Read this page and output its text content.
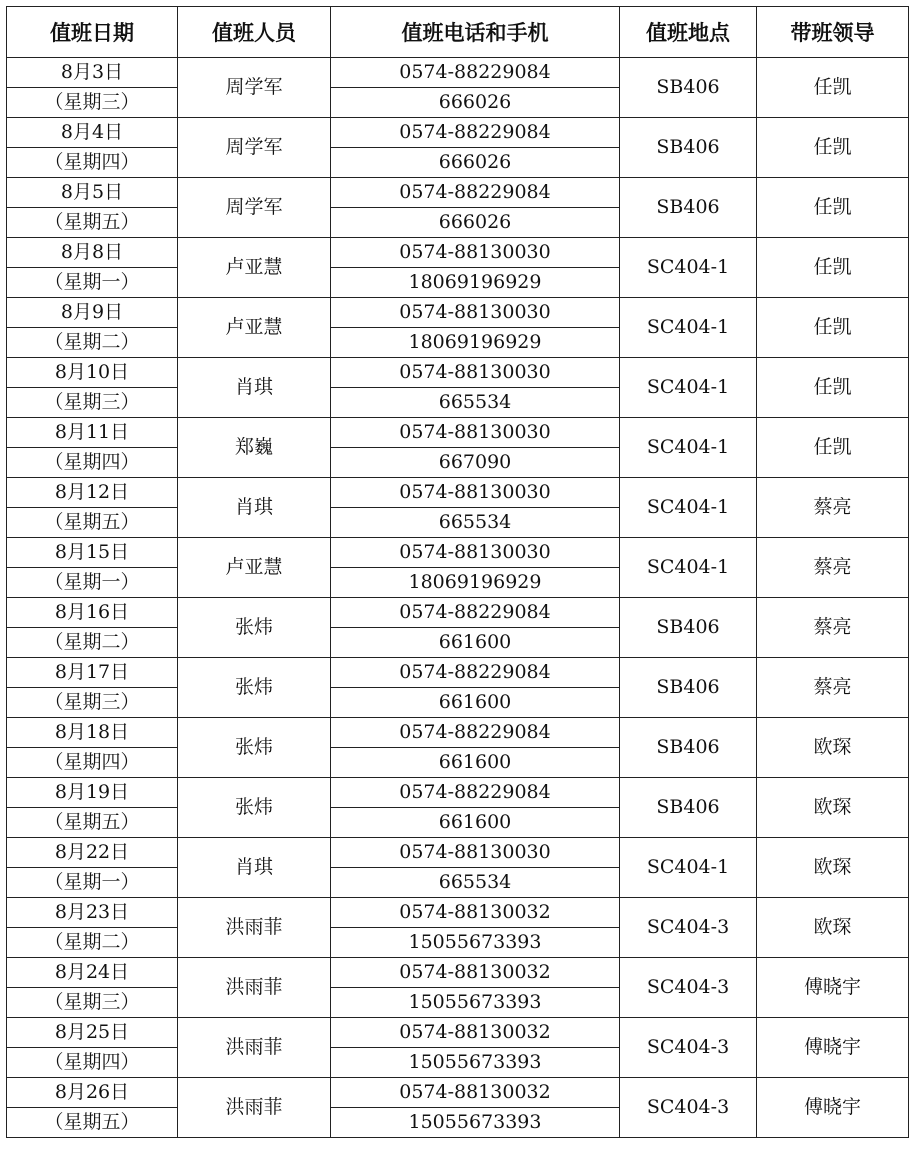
值班日期	值班人员	值班电话和手机	值班地点	带班领导
8月3日	周学军	0574-88229084	SB406	任凯
（星期三）		666026		
8月4日	周学军	0574-88229084	SB406	任凯
（星期四）		666026		
8月5日	周学军	0574-88229084	SB406	任凯
（星期五）		666026		
8月8日	卢亚慧	0574-88130030	SC404-1	任凯
（星期一）		18069196929		
8月9日	卢亚慧	0574-88130030	SC404-1	任凯
（星期二）		18069196929		
8月10日	肖琪	0574-88130030	SC404-1	任凯
（星期三）		665534		
8月11日	郑巍	0574-88130030	SC404-1	任凯
（星期四）		667090		
8月12日	肖琪	0574-88130030	SC404-1	蔡亮
（星期五）		665534		
8月15日	卢亚慧	0574-88130030	SC404-1	蔡亮
（星期一）		18069196929		
8月16日	张炜	0574-88229084	SB406	蔡亮
（星期二）		661600		
8月17日	张炜	0574-88229084	SB406	蔡亮
（星期三）		661600		
8月18日	张炜	0574-88229084	SB406	欧琛
（星期四）		661600		
8月19日	张炜	0574-88229084	SB406	欧琛
（星期五）		661600		
8月22日	肖琪	0574-88130030	SC404-1	欧琛
（星期一）		665534		
8月23日	洪雨菲	0574-88130032	SC404-3	欧琛
（星期二）		15055673393		
8月24日	洪雨菲	0574-88130032	SC404-3	傅晓宇
（星期三）		15055673393		
8月25日	洪雨菲	0574-88130032	SC404-3	傅晓宇
（星期四）		15055673393		
8月26日	洪雨菲	0574-88130032	SC404-3	傅晓宇
（星期五）		15055673393		
